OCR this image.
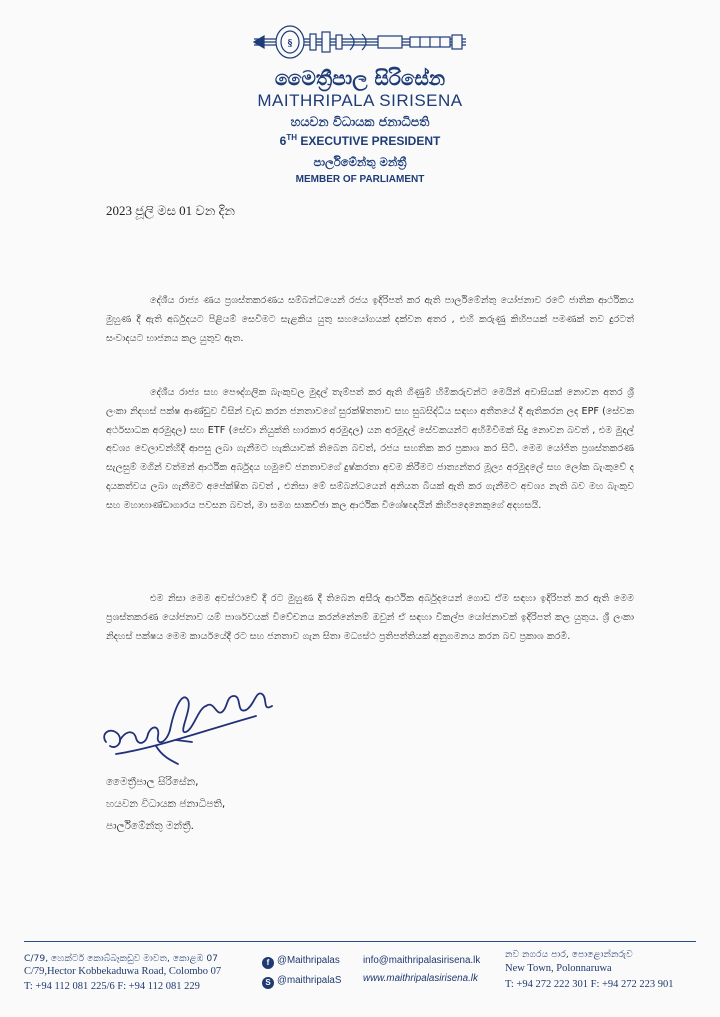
§
මෛත්‍රීපාල සිරිසේන
MAITHRIPALA SIRISENA
හයවන විධායක ජනාධිපති
6TH EXECUTIVE PRESIDENT
පාර්ලිමේන්තු මන්ත්‍රී
MEMBER OF PARLIAMENT
2023 ජූලි මස 01 වන දින

දේශීය රාජ්‍ය ණය ප්‍රශස්තකරණය සම්බන්ධයෙන් රජය ඉදිරිපත් කර ඇති පාර්ලිමේන්තු යෝජනාව රටේ ජාතික ආර්ථිකය මුහුණ දී ඇති අර්බුදයට පිළියම් සෙවීමට සැළකිය යුතු සහයෝගයක් දක්වන අතර , එහි කරුණු කිහිපයක් පමණක් තව දුරටත් සංවාදයට භාජනය කල යුතුව ඇත.

දේශීය රාජ්‍ය සහ පෞද්ගලික බැංකුවල මුදල් තැම්පත් කර ඇති ගිණුම් හිමිකරුවන්ට මෙයින් අවාසියක් නොවන අතර ශ්‍රී ලංකා නිදහස් පක්ෂ ආණ්ඩුව විසින් වැඩ කරන ජනතාවගේ සුරක්ෂිතතාව සහ සුබසිද්ධිය සඳහා අතීතයේ දී ඇතිකරන ලද EPF (සේවක අර්ථසාධක අරමුදල) සහ ETF (සේවා නියුක්ති භාරකාර අරමුදල) යන අරමුදල් සේවකයන්ට අහිමිවීමක් සිදු නොවන බවත් , එම මුදල් අවශ්‍ය වෙලාවන්හිදී ආපසු ලබා ගැනීමට හැකියාවක් තිබෙන බවත්, රජය සහතික කර ප්‍රකාශ කර සිටී. මෙම යෝජිත ප්‍රශස්තකරණ සැලසුම් මගින් වත්මන් ආර්ථික අර්බුදය හමුවේ ජනතාවගේ දුෂ්කරතා අවම කිරීමට ජාත්‍යන්තර මූල්‍ය අරමුදලේ සහ ලෝක බැංකුවේ ද දායකත්වය ලබා ගැනීමට අපේක්ෂිත බවත් , එනිසා මේ සම්බන්ධයෙන් අනියත බියක් ඇති කර ගැනීමට අවශ්‍ය නැති බව මහ බැංකුව සහ මහාභාණ්ඩාගාරය පවසන බවත්, මා සමග සාකච්ඡා කල ආර්ථික විශේෂඥයින් කිහිපදෙනෙකුගේ අදහසයි.

එම නිසා මෙම අවස්ථාවේ දී රට මුහුණ දී තිබෙන අසීරු ආර්ථික අර්බුදයෙන් ගොඩ ඒම සඳහා ඉදිරිපත් කර ඇති මෙම ප්‍රශස්තකරණ යෝජනාව යම් පාර්ශවයක් විවේචනය කරන්නේනම් ඔවුන් ඒ සඳහා විකල්ප යෝජනාවක් ඉදිරිපත් කල යුතුය. ශ්‍රී ලංකා නිදහස් පක්ෂය මෙම කාර්යයේදී රට සහ ජනතාව ගැන සිතා මධ්‍යස්ථ ප්‍රතිපත්තියක් අනුගමනය කරන බව ප්‍රකාශ කරමී.

මෛත්‍රීපාල සිරිසේන,
හයවන විධායක ජනාධිපති,
පාර්ලිමේන්තු මන්ත්‍රී.
C/79, හෙක්ටර් කොබ්බෑකඩුව මාවත, කොළඹ 07
C/79,Hector Kobbekaduwa Road, Colombo 07
T: +94 112 081 225/6 F: +94 112 081 229
f @Maithripalas
S @maithripalaS
info@maithripalasirisena.lk
www.maithripalasirisena.lk
නව නගරය පාර, පොළොන්නරුව
New Town, Polonnaruwa
T: +94 272 222 301 F: +94 272 223 901
